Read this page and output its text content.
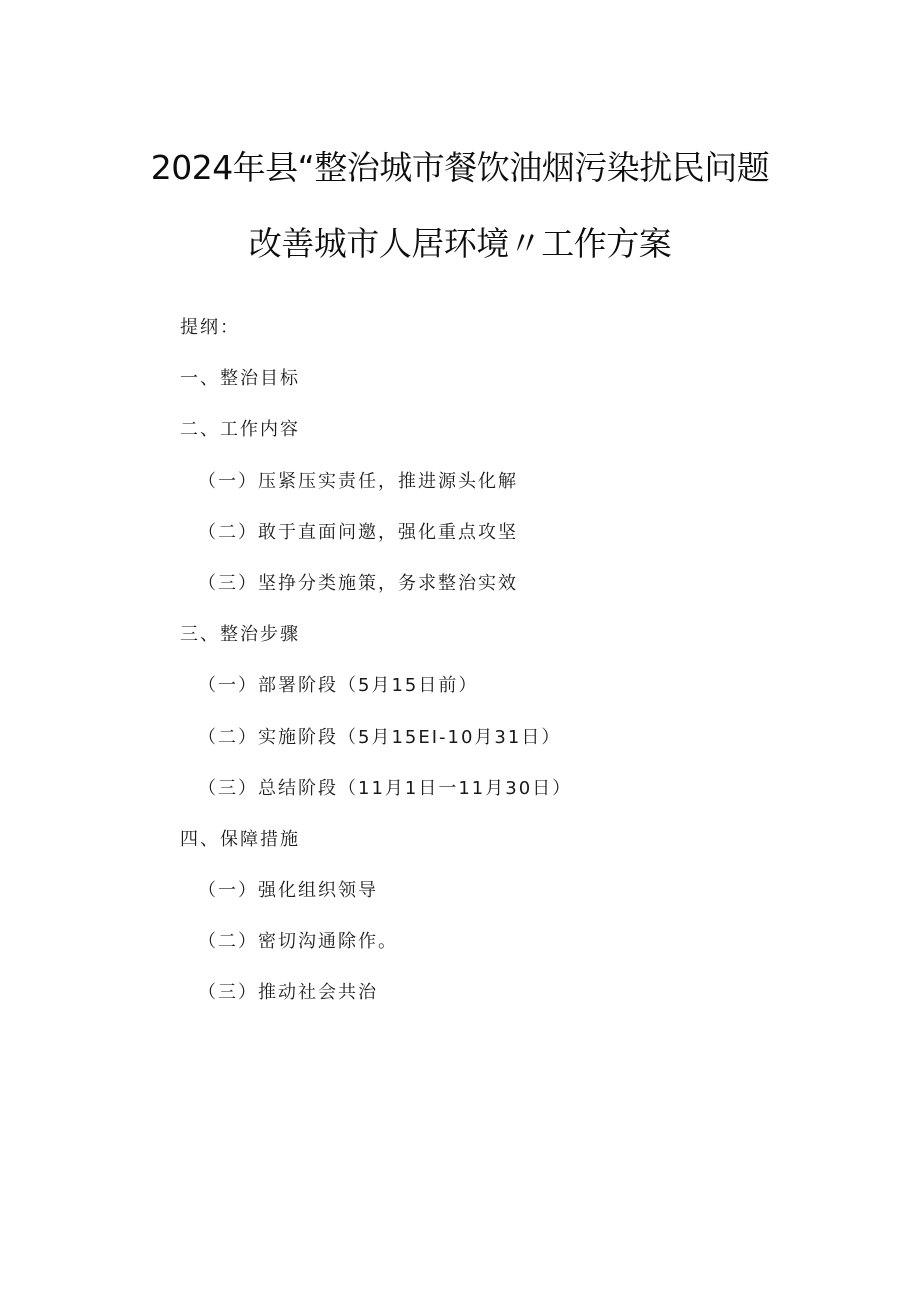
2024年县“整治城市餐饮油烟污染扰民问题
改善城市人居环境〃工作方案
提纲：
一、整治目标
二、工作内容
（一）压紧压实责任，推进源头化解
（二）敢于直面问邀，强化重点攻坚
（三）坚挣分类施策，务求整治实效
三、整治步骤
（一）部署阶段（5月15日前）
（二）实施阶段（5月15EI-10月31日）
（三）总结阶段（11月1日一11月30日）
四、保障措施
（一）强化组织领导
（二）密切沟通除作。
（三）推动社会共治
